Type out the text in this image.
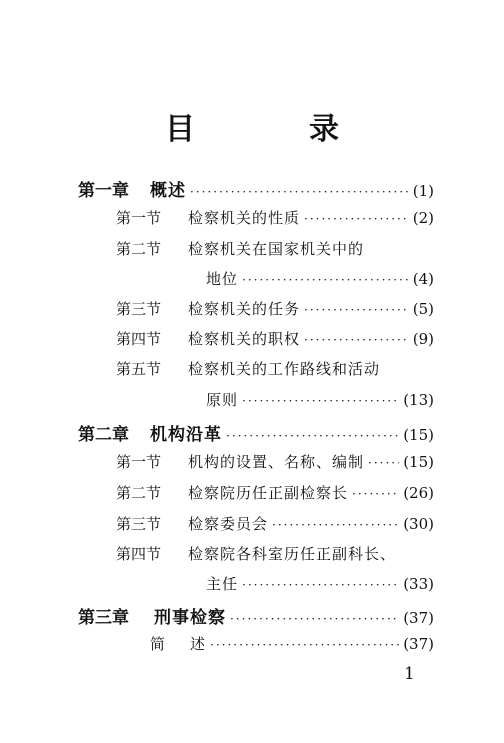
目　录
第一章	概述 ·····	(1)
第一节	检察机关的性质 ·····	(2)
第二节	检察机关在国家机关中的
地位 ·····	(4)
第三节	检察机关的任务 ·····	(5)
第四节	检察机关的职权 ·····	(9)
第五节	检察机关的工作路线和活动
原则 ·····	(13)
第二章	机构沿革 ·····	(15)
第一节	机构的设置、名称、编制 ·····	(15)
第二节	检察院历任正副检察长 ·····	(26)
第三节	检察委员会 ·····	(30)
第四节	检察院各科室历任正副科长、
主任 ·····	(33)
第三章	刑事检察 ·····	(37)
简	述 ·····	(37)
1
